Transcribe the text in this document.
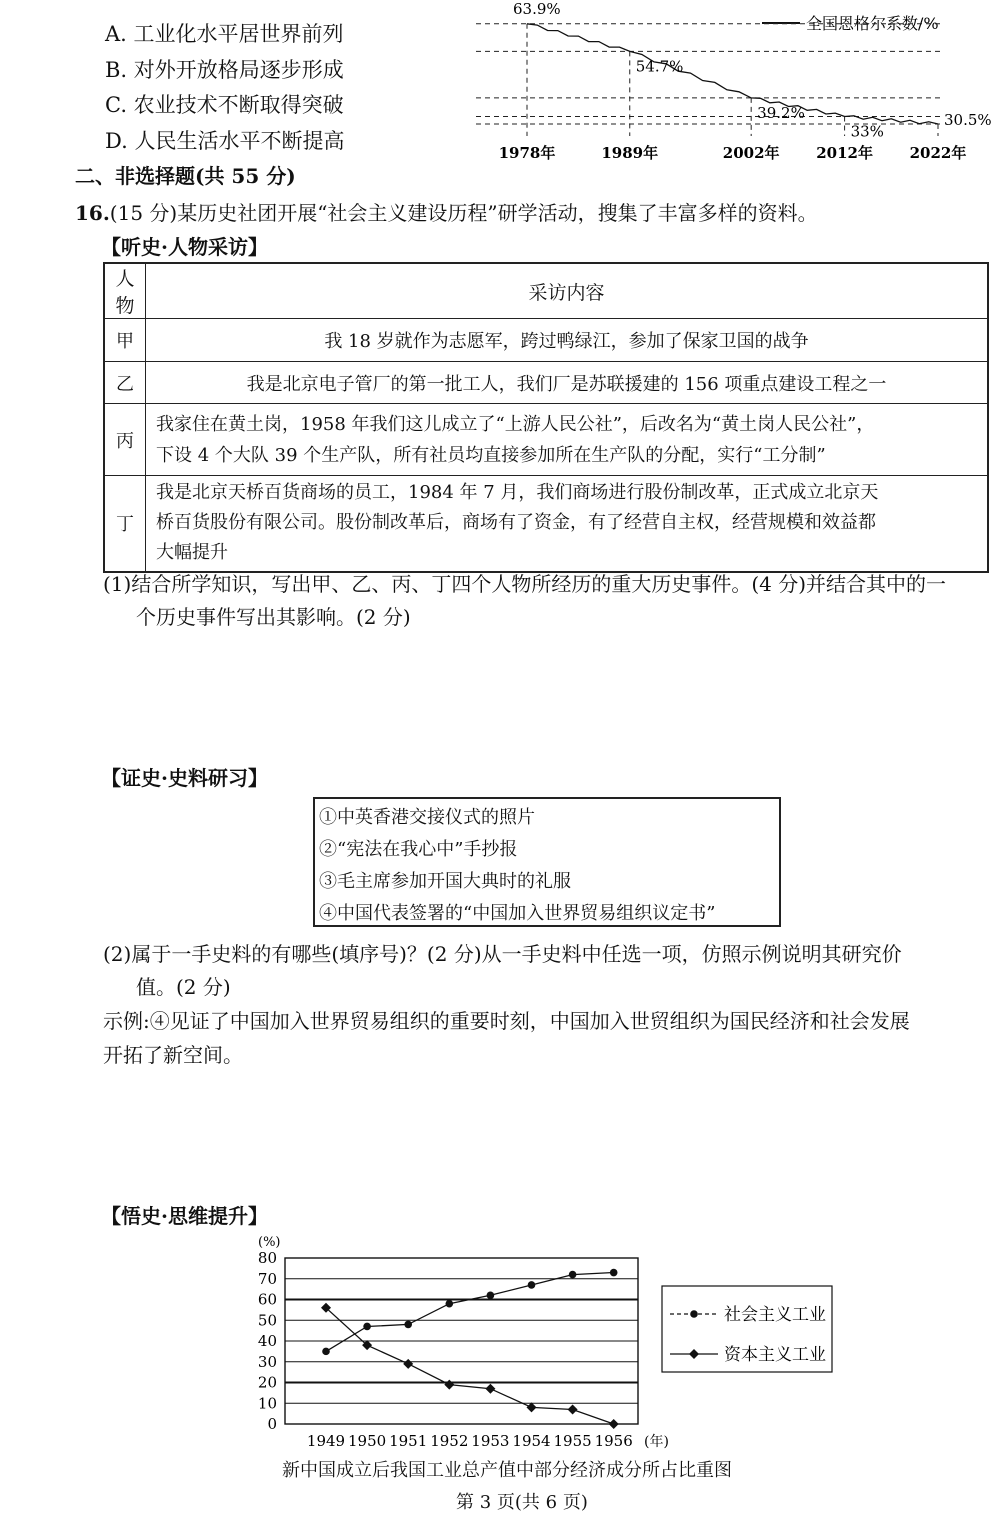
A. 工业化水平居世界前列
B. 对外开放格局逐步形成
C. 农业技术不断取得突破
D. 人民生活水平不断提高
全国恩格尔系数/%
63.9%
54.7%
39.2%
33%
30.5%
1978年	1989年	2002年 2012年 2022年
二、非选择题(共 55 分)
16.(15 分)某历史社团开展“社会主义建设历程”研学活动，搜集了丰富多样的资料。
【听史·人物采访】
人物	采访内容
甲	我 18 岁就作为志愿军，跨过鸭绿江，参加了保家卫国的战争
乙	我是北京电子管厂的第一批工人，我们厂是苏联援建的 156 项重点建设工程之一
丙	我家住在黄土岗，1958 年我们这儿成立了“上游人民公社”，后改名为“黄土岗人民公社”，
下设 4 个大队 39 个生产队，所有社员均直接参加所在生产队的分配，实行“工分制”

丁	我是北京天桥百货商场的员工，1984 年 7 月，我们商场进行股份制改革，正式成立北京天
桥百货股份有限公司。股份制改革后，商场有了资金，有了经营自主权，经营规模和效益都
大幅提升
(1)结合所学知识，写出甲、乙、丙、丁四个人物所经历的重大历史事件。(4 分)并结合其中的一
个历史事件写出其影响。(2 分)
【证史·史料研习】
①中英香港交接仪式的照片
②“宪法在我心中”手抄报
③毛主席参加开国大典时的礼服
④中国代表签署的“中国加入世界贸易组织议定书”
(2)属于一手史料的有哪些(填序号)？(2 分)从一手史料中任选一项，仿照示例说明其研究价
值。(2 分)
示例:④见证了中国加入世界贸易组织的重要时刻，中国加入世贸组织为国民经济和社会发展
开拓了新空间。
【悟史·思维提升】
(%)
0
10
20
30
40
50
60
70
80
1949 1950 1951 1952 1953 1954 1955 1956 (年)
社会主义工业
资本主义工业
新中国成立后我国工业总产值中部分经济成分所占比重图
第 3 页(共 6 页)
